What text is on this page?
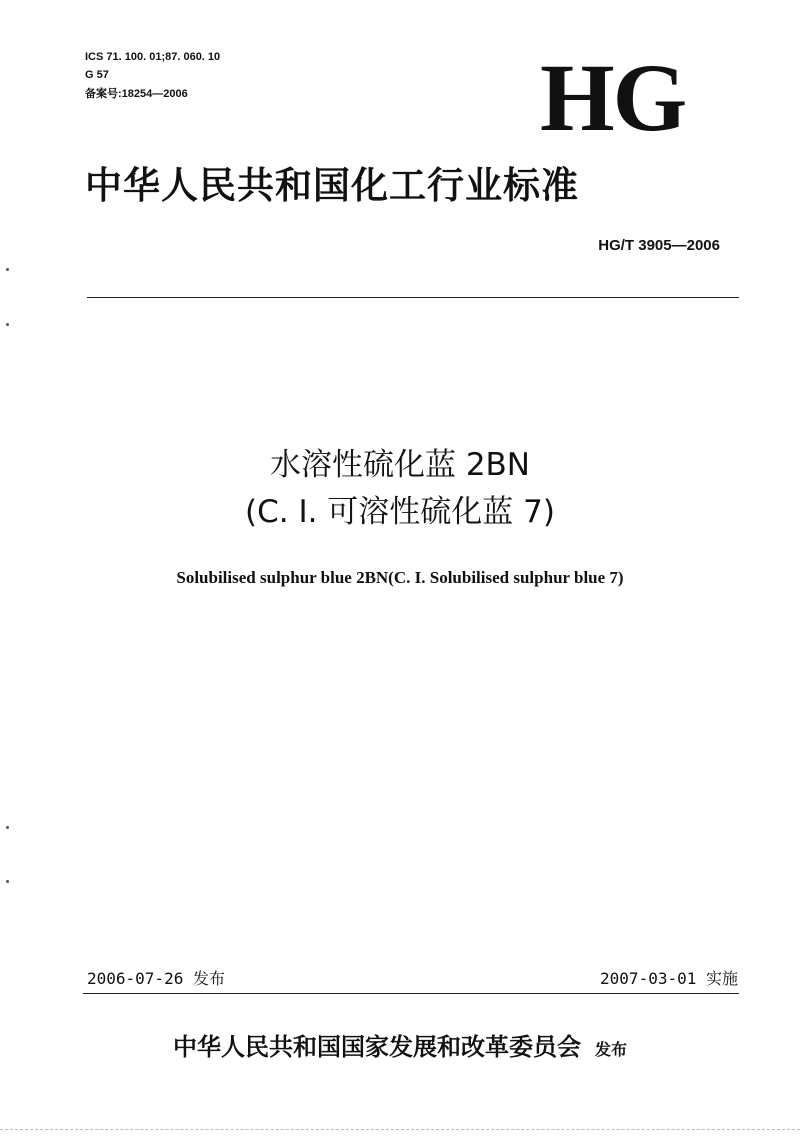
ICS 71. 100. 01;87. 060. 10
G 57
备案号:18254—2006	HG
中华人民共和国化工行业标准
HG/T 3905—2006
水溶性硫化蓝 2BN
(C. I. 可溶性硫化蓝 7)
Solubilised sulphur blue 2BN(C. I. Solubilised sulphur blue 7)
2006-07-26 发布	2007-03-01 实施
中华人民共和国国家发展和改革委员会 发布
